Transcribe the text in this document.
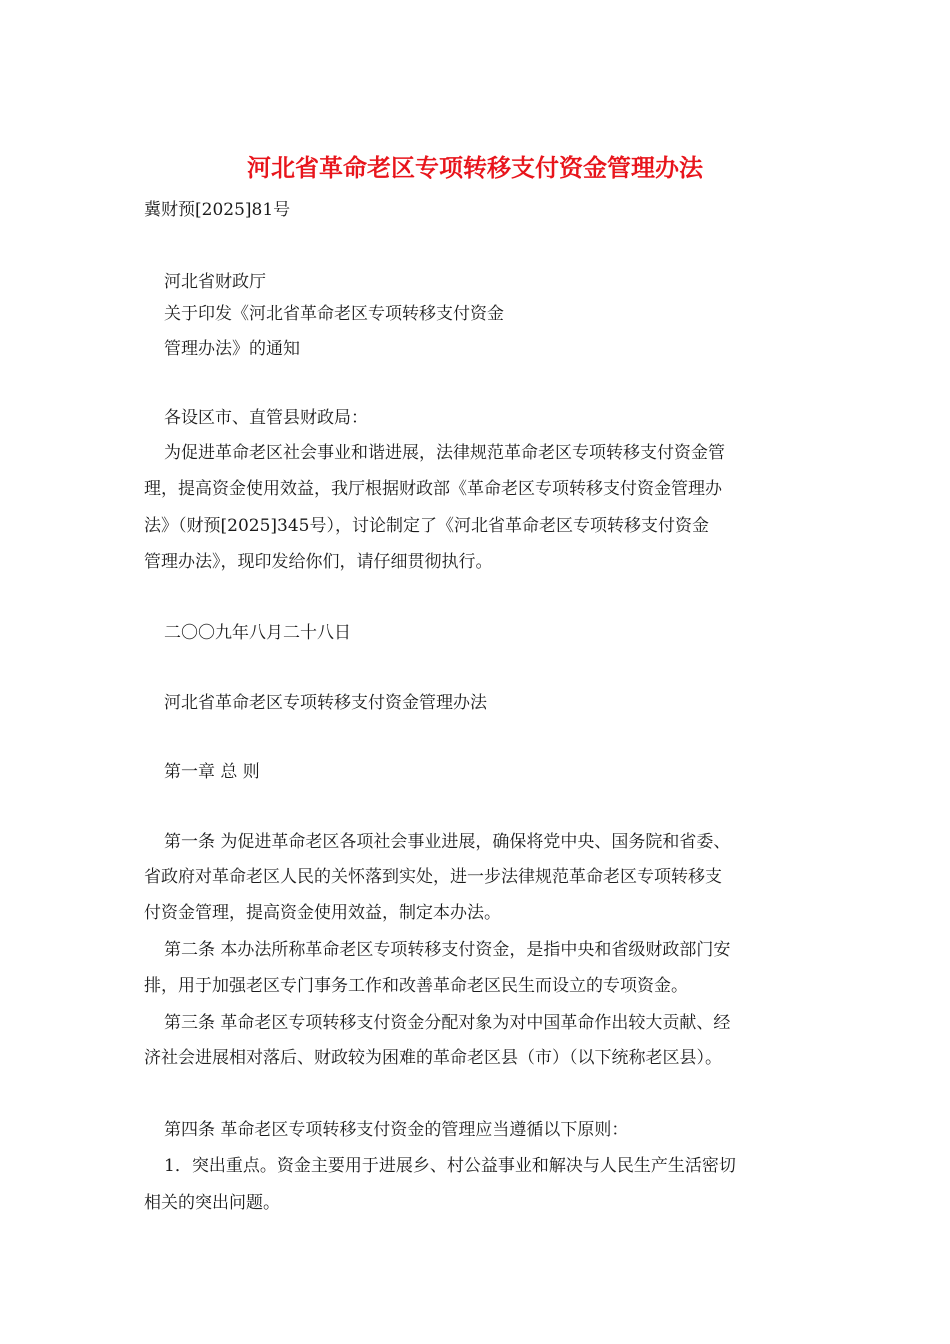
河北省革命老区专项转移支付资金管理办法
冀财预[2025]81号
河北省财政厅
关于印发《河北省革命老区专项转移支付资金
管理办法》的通知
各设区市、直管县财政局：
为促进革命老区社会事业和谐进展，法律规范革命老区专项转移支付资金管
理，提高资金使用效益，我厅根据财政部《革命老区专项转移支付资金管理办
法》（财预[2025]345号），讨论制定了《河北省革命老区专项转移支付资金
管理办法》，现印发给你们，请仔细贯彻执行。
二〇〇九年八月二十八日
河北省革命老区专项转移支付资金管理办法
第一章 总 则
第一条 为促进革命老区各项社会事业进展，确保将党中央、国务院和省委、
省政府对革命老区人民的关怀落到实处，进一步法律规范革命老区专项转移支
付资金管理，提高资金使用效益，制定本办法。
第二条 本办法所称革命老区专项转移支付资金，是指中央和省级财政部门安
排，用于加强老区专门事务工作和改善革命老区民生而设立的专项资金。
第三条 革命老区专项转移支付资金分配对象为对中国革命作出较大贡献、经
济社会进展相对落后、财政较为困难的革命老区县（市）（以下统称老区县）。
第四条 革命老区专项转移支付资金的管理应当遵循以下原则：
1．突出重点。资金主要用于进展乡、村公益事业和解决与人民生产生活密切
相关的突出问题。
